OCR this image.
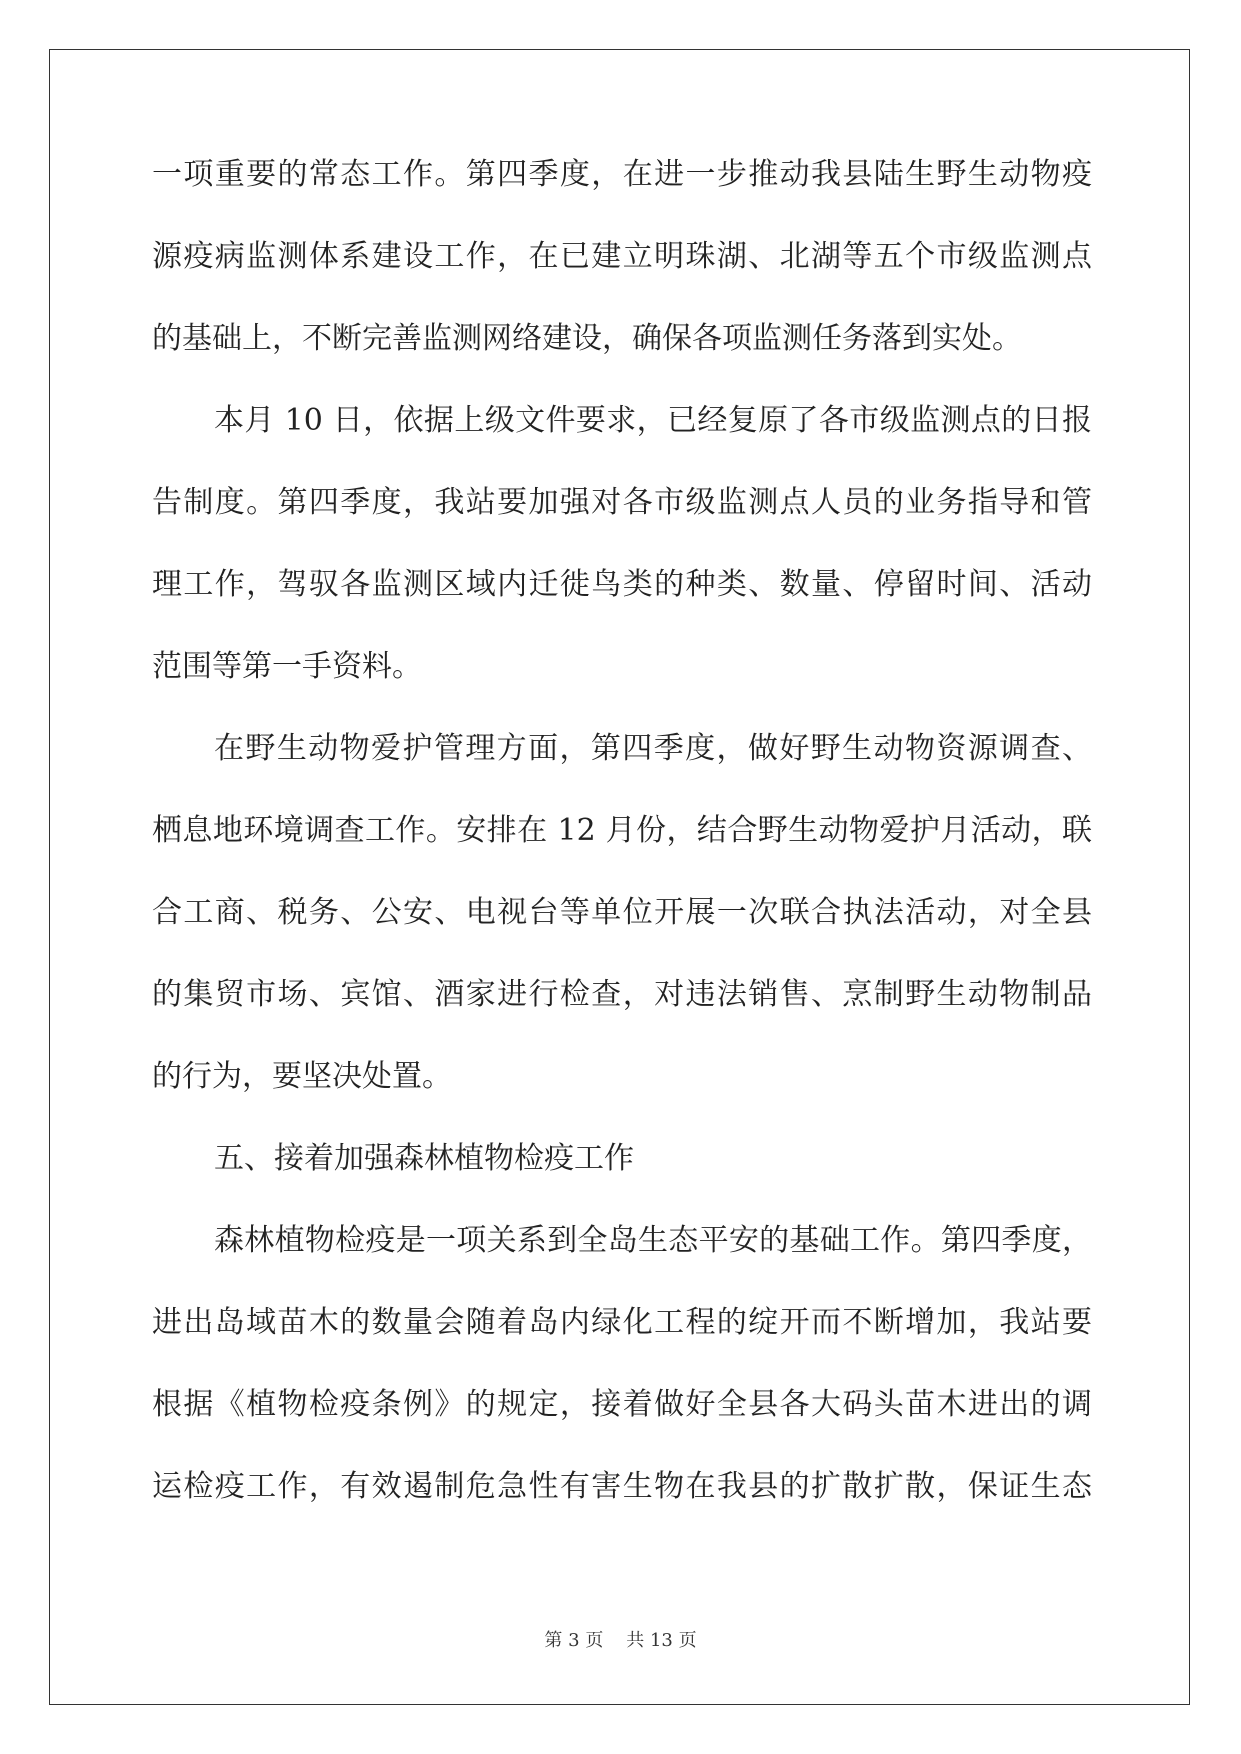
一项重要的常态工作。第四季度，在进一步推动我县陆生野生动物疫
源疫病监测体系建设工作，在已建立明珠湖、北湖等五个市级监测点
的基础上，不断完善监测网络建设，确保各项监测任务落到实处。
本月 10 日，依据上级文件要求，已经复原了各市级监测点的日报
告制度。第四季度，我站要加强对各市级监测点人员的业务指导和管
理工作，驾驭各监测区域内迁徙鸟类的种类、数量、停留时间、活动
范围等第一手资料。
在野生动物爱护管理方面，第四季度，做好野生动物资源调查、
栖息地环境调查工作。安排在 12 月份，结合野生动物爱护月活动，联
合工商、税务、公安、电视台等单位开展一次联合执法活动，对全县
的集贸市场、宾馆、酒家进行检查，对违法销售、烹制野生动物制品
的行为，要坚决处置。
五、接着加强森林植物检疫工作
森林植物检疫是一项关系到全岛生态平安的基础工作。第四季度，
进出岛域苗木的数量会随着岛内绿化工程的绽开而不断增加，我站要
根据《植物检疫条例》的规定，接着做好全县各大码头苗木进出的调
运检疫工作，有效遏制危急性有害生物在我县的扩散扩散，保证生态
第 3 页 共 13 页
